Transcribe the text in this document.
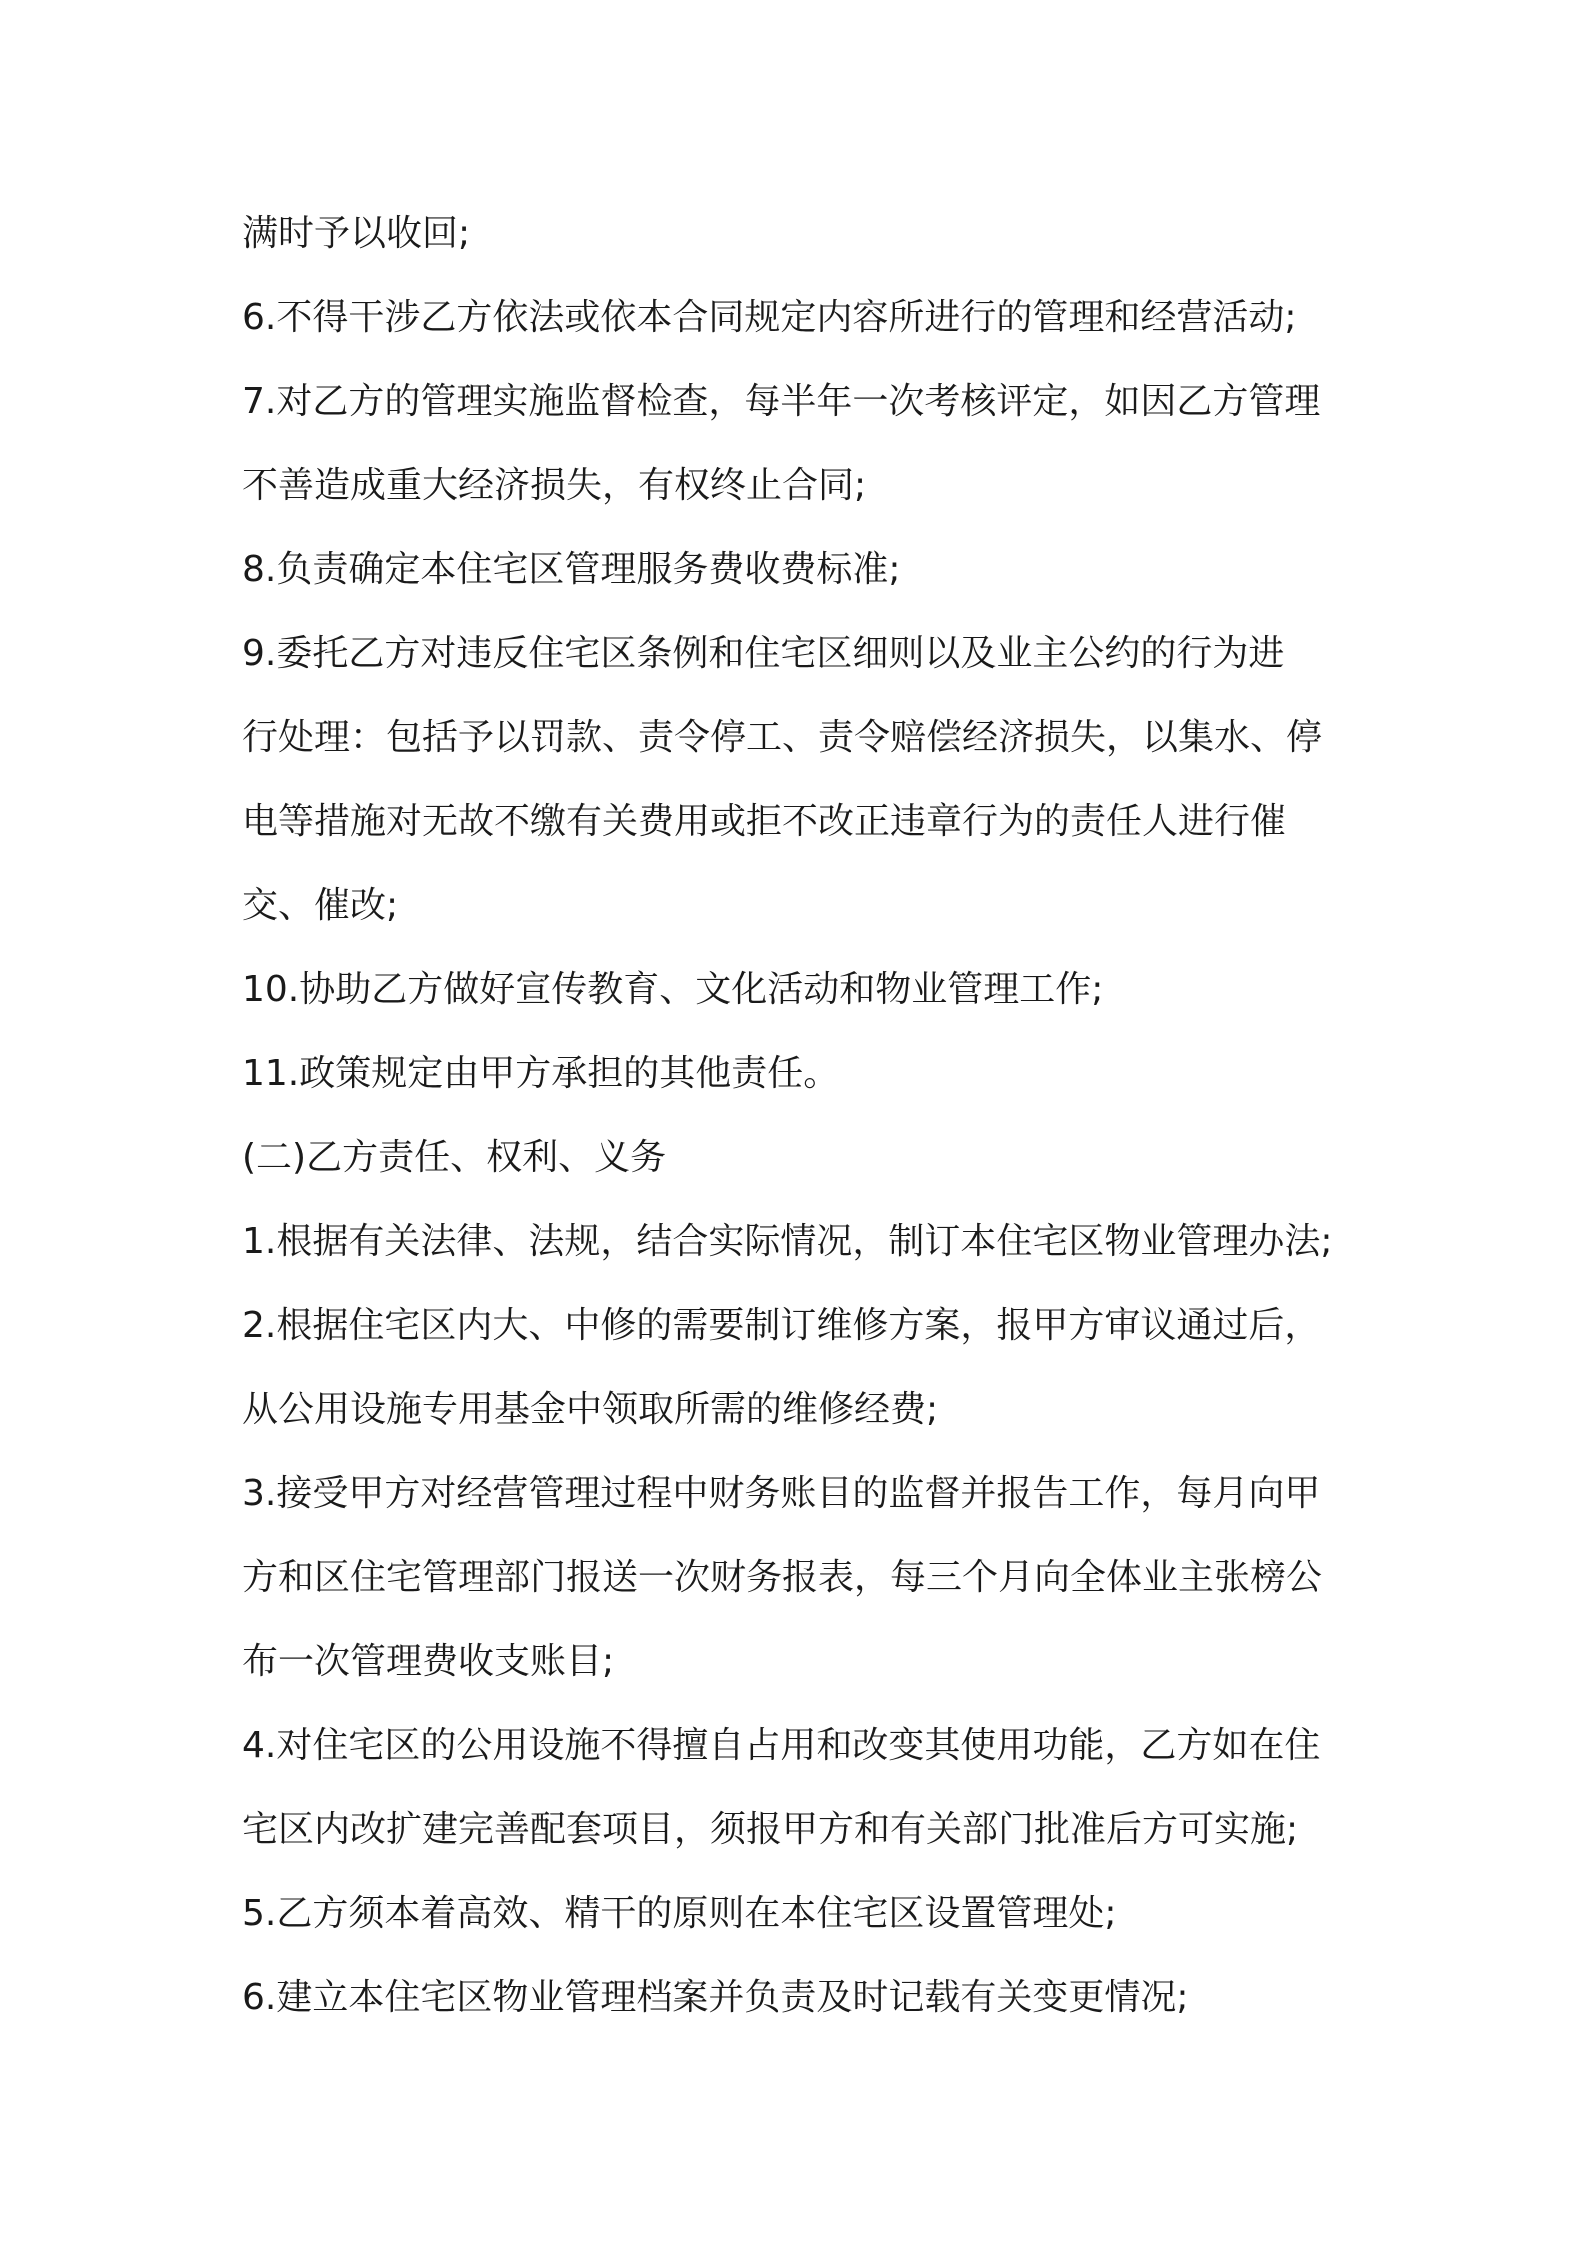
满时予以收回;
6.不得干涉乙方依法或依本合同规定内容所进行的管理和经营活动;
7.对乙方的管理实施监督检查，每半年一次考核评定，如因乙方管理
不善造成重大经济损失，有权终止合同;
8.负责确定本住宅区管理服务费收费标准;
9.委托乙方对违反住宅区条例和住宅区细则以及业主公约的行为进
行处理：包括予以罚款、责令停工、责令赔偿经济损失，以集水、停
电等措施对无故不缴有关费用或拒不改正违章行为的责任人进行催
交、催改;
10.协助乙方做好宣传教育、文化活动和物业管理工作;
11.政策规定由甲方承担的其他责任。
(二)乙方责任、权利、义务
1.根据有关法律、法规，结合实际情况，制订本住宅区物业管理办法;
2.根据住宅区内大、中修的需要制订维修方案，报甲方审议通过后，
从公用设施专用基金中领取所需的维修经费;
3.接受甲方对经营管理过程中财务账目的监督并报告工作，每月向甲
方和区住宅管理部门报送一次财务报表，每三个月向全体业主张榜公
布一次管理费收支账目;
4.对住宅区的公用设施不得擅自占用和改变其使用功能，乙方如在住
宅区内改扩建完善配套项目，须报甲方和有关部门批准后方可实施;
5.乙方须本着高效、精干的原则在本住宅区设置管理处;
6.建立本住宅区物业管理档案并负责及时记载有关变更情况;
